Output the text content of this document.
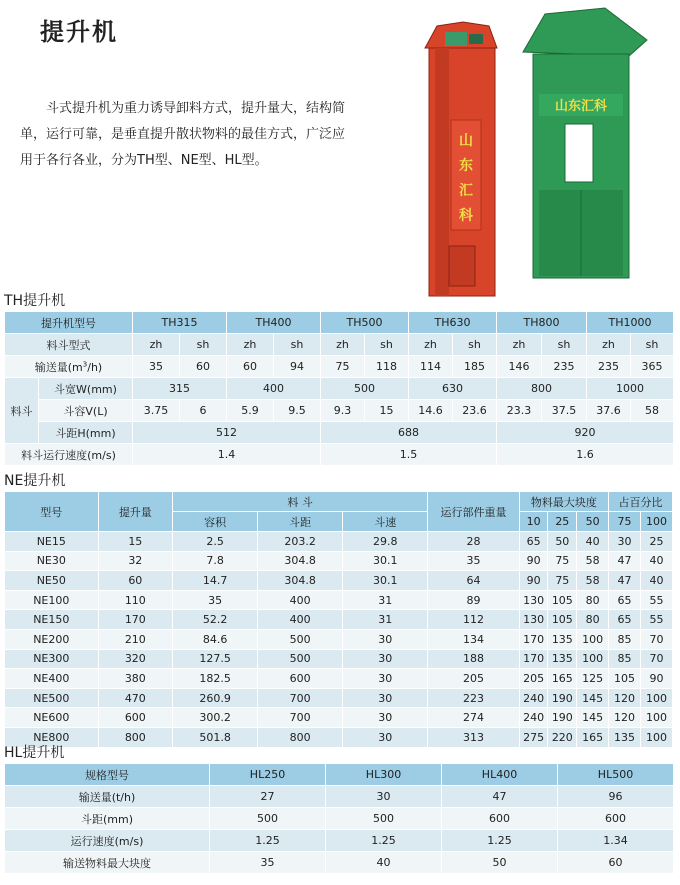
提升机

斗式提升机为重力诱导卸料方式，提升量大，结构简单，运行可靠，是垂直提升散状物料的最佳方式，广泛应用于各行各业，分为TH型、NE型、HL型。

山
东
汇
科
山东汇科
TH提升机
提升机型号		TH315		TH400		TH500		TH630		TH800		TH1000	
料斗型式		zh	sh	zh	sh	zh	sh	zh	sh	zh	sh	zh	sh
输送量$(m^3/h)$		35	60	60	94	75	118	114	185	146	235	235	365
料斗	斗宽W(mm)	315		400		500		630		800		1000	
	斗容V(L)	3.75	6	5.9	9.5	9.3	15	14.6	23.6	23.3	37.5	37.6	58
	斗距H(mm)	512				688				920			
料斗运行速度(m/s)		1.4				1.5				1.6			
NE提升机
型号	提升量	料 斗			运行部件重量	物料最大块度			占百分比	
		容积	斗距	斗速		10	25	50	75	100
NE15	15	2.5	203.2	29.8	28	65	50	40	30	25
NE30	32	7.8	304.8	30.1	35	90	75	58	47	40
NE50	60	14.7	304.8	30.1	64	90	75	58	47	40
NE100	110	35	400	31	89	130	105	80	65	55
NE150	170	52.2	400	31	112	130	105	80	65	55
NE200	210	84.6	500	30	134	170	135	100	85	70
NE300	320	127.5	500	30	188	170	135	100	85	70
NE400	380	182.5	600	30	205	205	165	125	105	90
NE500	470	260.9	700	30	223	240	190	145	120	100
NE600	600	300.2	700	30	274	240	190	145	120	100
NE800	800	501.8	800	30	313	275	220	165	135	100
HL提升机
规格型号	HL250	HL300	HL400	HL500
输送量(t/h)	27	30	47	96
斗距(mm)	500	500	600	600
运行速度(m/s)	1.25	1.25	1.25	1.34
输送物料最大块度	35	40	50	60
